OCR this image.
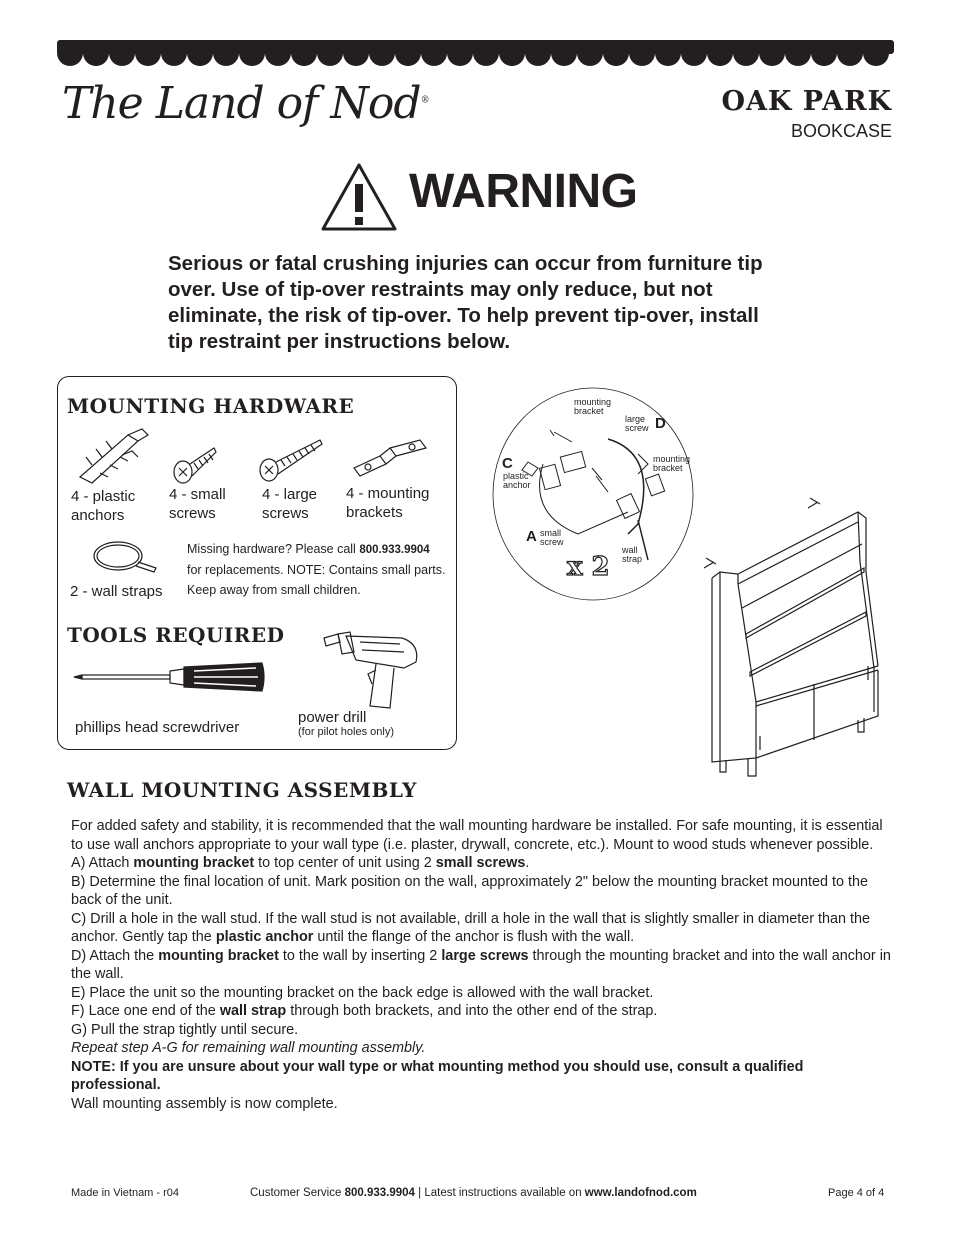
The Land of Nod®	OAK PARK
BOOKCASE
WARNING
Serious or fatal crushing injuries can occur from furniture tip over. Use of tip-over restraints may only reduce, but not eliminate, the risk of tip-over. To help prevent tip-over, install tip restraint per instructions below.
MOUNTING HARDWARE
4 - plastic anchors
4 - small screws
4 - large screws
4 - mounting brackets
2 - wall straps
Missing hardware? Please call 800.933.9904
for replacements. NOTE: Contains small parts. Keep away from small children.
TOOLS REQUIRED
phillips head screwdriver
power drill
(for pilot holes only)
mounting bracket
large screw D
mounting bracket
C
plastic anchor
A small screw
wall strap
x 2
WALL MOUNTING ASSEMBLY

For added safety and stability, it is recommended that the wall mounting hardware be installed. For safe mounting, it is essential to use wall anchors appropriate to your wall type (i.e. plaster, drywall, concrete, etc.). Mount to wood studs whenever possible.

A) Attach mounting bracket to top center of unit using 2 small screws.

B) Determine the final location of unit. Mark position on the wall, approximately 2" below the mounting bracket mounted to the back of the unit.

C) Drill a hole in the wall stud. If the wall stud is not available, drill a hole in the wall that is slightly smaller in diameter than the anchor. Gently tap the plastic anchor until the flange of the anchor is flush with the wall.

D) Attach the mounting bracket to the wall by inserting 2 large screws through the mounting bracket and into the wall anchor in the wall.

E) Place the unit so the mounting bracket on the back edge is allowed with the wall bracket.

F) Lace one end of the wall strap through both brackets, and into the other end of the strap.

G) Pull the strap tightly until secure.

Repeat step A-G for remaining wall mounting assembly.

NOTE: If you are unsure about your wall type or what mounting method you should use, consult a qualified professional.

Wall mounting assembly is now complete.

Made in Vietnam - r04	Customer Service 800.933.9904 | Latest instructions available on www.landofnod.com	Page 4 of 4
